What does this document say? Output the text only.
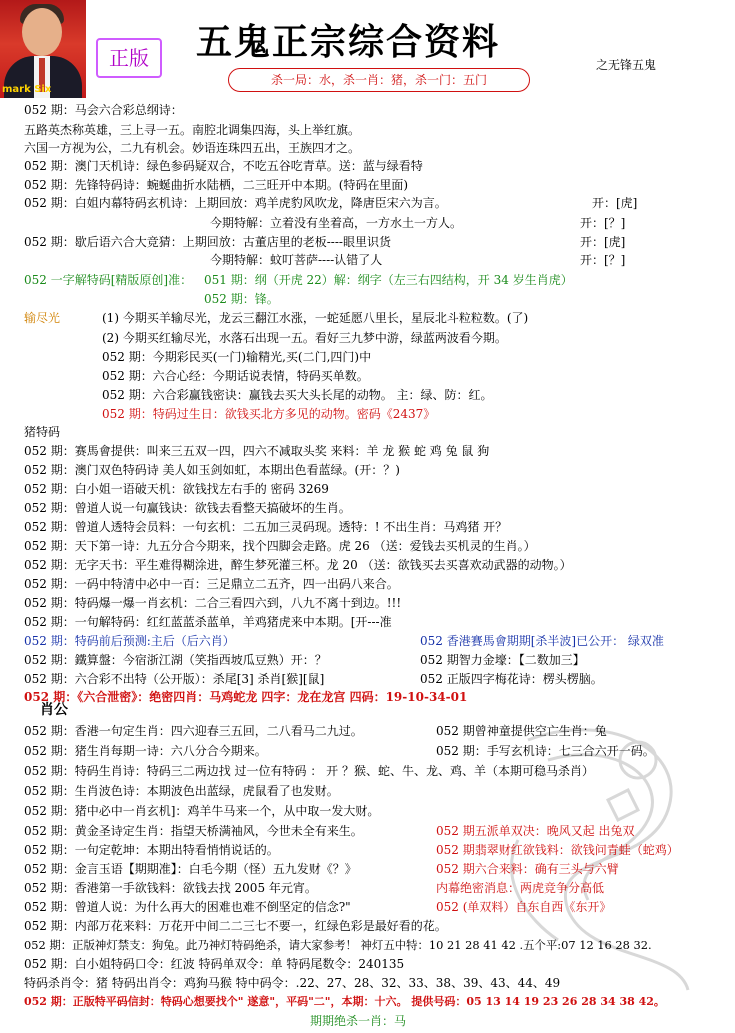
mark Six
正版	五鬼正宗综合资料
之无锋五鬼
杀一局：水，杀一肖：猪，杀一门：五门
052 期：马会六合彩总纲诗：
五路英杰称英雄，三上寻一五。南腔北调集四海，头上举红旗。
六国一方视为公，二九有机会。妙语连珠四五出，王族四才之。
052 期：澳门天机诗：绿色参码疑双合，不吃五谷吃青草。送：蓝与绿看特
052 期：先锋特码诗：蜿蜒曲折水陆栖，二三旺开中本期。(特码在里面)
052 期：白姐内幕特码玄机诗：上期回放：鸡羊虎豹风吹龙，降唐臣宋六为言。	开：[虎]
今期特解：立着没有坐着高，一方水土一方人。	开：[？]
052 期：歇后语六合大竞猜：上期回放：古董店里的老板----眼里识货	开：[虎]
今期特解：蚊叮菩萨----认错了人	开：[？]
052 一字解特码[精版原创]准： 051 期：纲（开虎 22）解：纲字（左三右四结构，开 34 岁生肖虎）
052 期：锋。
输尽光	(1) 今期买羊输尽光，龙云三翻江水涨，一蛇延愿八里长，星辰北斗粒粒数。(了)
(2) 今期买红输尽光，水落石出现一五。看好三九梦中游，绿蓝两波看今期。
052 期：今期彩民买(一门)输精光,买(二门,四门)中
052 期：六合心经：今期话说表情，特码买单数。
052 期：六合彩赢钱密诀：赢钱去买大头长尾的动物。 主：绿、防：红。
052 期：特码过生日：欲钱买北方多见的动物。密码《2437》
猪特码
052 期：赛馬會提供：叫来三五双一四，四六不减取头奖 来料：羊 龙 猴 蛇 鸡 兔 鼠 狗
052 期：澳门双色特码诗 美人如玉剑如虹，本期出色看蓝绿。(开：？)
052 期：白小姐一语破天机：欲钱找左右手的 密码 3269
052 期：曾道人说一句赢钱诀：欲钱去看整天搞破坏的生肖。
052 期：曾道人透特会员料：一句玄机：二五加三灵码现。透特：! 不出生肖：马鸡猪 开？
052 期：天下第一诗：九五分合今期来，找个四脚会走路。虎 26 （送：爱钱去买机灵的生肖。）
052 期：无字天书：平生难得糊涂进，醉生梦死灌三杯。龙 20 （送：欲钱买去买喜欢动武器的动物。）
052 期：一码中特清中必中一百：三足鼎立二五齐，四一出码八来合。
052 期：特码爆一爆一肖玄机：二合三看四六到，八九不离十到边。!!!
052 期：一句解特码：红红蓝蓝杀蓝单，羊鸡猪虎来中本期。[开---准
052 期：特码前后预测:主后（后六肖）	052 香港賽馬會期期[杀半波]已公开： 绿双准
052 期：鐵算盤：今宿浙江湖（笑指西坡瓜豆熟）开：？	052 期智力金壕：【二数加三】
052 期：六合彩不出特（公开版）：杀尾[3] 杀肖[猴][鼠]	052 正版四字梅花诗：楞头楞脑。
052 期：《六合泄密》：绝密四肖：马鸡蛇龙 四字：龙在龙宫 四码：19-10-34-01
肖公
052 期：香港一句定生肖：四六迎春三五回，二八看马二九过。	052 期曾神童提供空亡生肖：兔
052 期：猪生肖每期一诗：六八分合今期来。	052 期：手写玄机诗：七三合六开一码。
052 期：特码生肖诗：特码三二两边找 过一位有特码 ： 开 ？猴、蛇、牛、龙、鸡、羊（本期可稳马杀肖）
052 期：生肖波色诗：本期波色出蓝绿，虎鼠看了也发财。
052 期：猪中必中一肖玄机]：鸡羊牛马来一个，从中取一发大财。
052 期：黄金圣诗定生肖：指望天桥满袖风，今世未全有来生。	052 期五派单双决：晚风又起 出兔双
052 期：一句定乾坤：本期出特看悄悄说话的。	052 期翡翠财红欲钱料：欲钱问青蛙（蛇鸡）
052 期：金言玉语【期期准】：白毛今期（怪）五九发财《？》	052 期六合来料：确有三头与六臂
052 期：香港第一手欲钱料：欲钱去找 2005 年元宵。	内幕绝密消息：两虎竞争分高低
052 期：曾道人说：为什么再大的困难也难不倒坚定的信念?"	052 (单双料）自东自西《东开》
052 期：内部万花来料：万花开中间二二三七不要一，红绿色彩是最好看的花。
052 期：正版神灯禁支：狗兔。此乃神灯特码绝杀，请大家参考！ 神灯五中特：10 21 28 41 42 .五个平:07 12 16 28 32.
052 期：白小姐特码口令：红波 特码单双令：单 特码尾数令：240135
特码杀肖令：猪 特码出肖令：鸡狗马猴 特中码令：.22、27、28、32、33、38、39、43、44、49
052 期：正版特平码信封：特码心想要找个" 遂意"，平码"二"，本期：十六。 提供号码：05 13 14 19 23 26 28 34 38 42。
期期绝杀一肖：马
